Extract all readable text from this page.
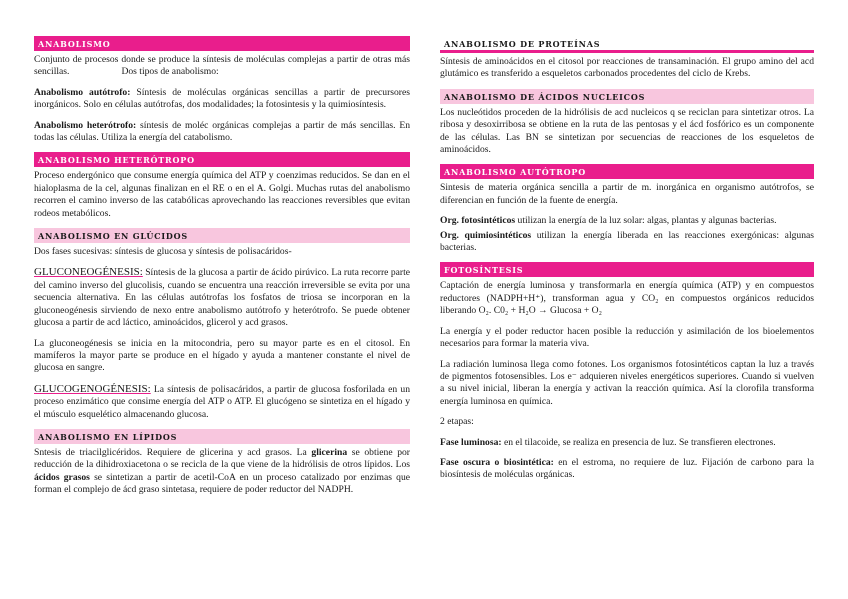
ANABOLISMO

Conjunto de procesos donde se produce la síntesis de moléculas complejas a partir de otras más sencillas.	Dos tipos de anabolismo:

Anabolismo autótrofo: Síntesis de moléculas orgánicas sencillas a partir de precursores inorgánicos. Solo en células autótrofas, dos modalidades; la fotosintesis y la quimiosíntesis.

Anabolismo heterótrofo: síntesis de moléc orgánicas complejas a partir de más sencillas. En todas las células. Utiliza la energía del catabolismo.

ANABOLISMO HETERÓTROPO

Proceso endergónico que consume energía química del ATP y coenzimas reducidos. Se dan en el hialoplasma de la cel, algunas finalizan en el RE o en el A. Golgi. Muchas rutas del anabolismo recorren el camino inverso de las catabólicas aprovechando las reacciones reversibles que evitan rodeos metabólicos.

ANABOLISMO EN GLÚCIDOS

Dos fases sucesivas: síntesis de glucosa y síntesis de polisacáridos-

GLUCONEOGÉNESIS: Síntesis de la glucosa a partir de ácido pirúvico. La ruta recorre parte del camino inverso del glucolisis, cuando se encuentra una reacción irreversible se evita por una secuencia alternativa. En las células autótrofas los fosfatos de triosa se incorporan en la gluconeogénesis sirviendo de nexo entre anabolismo autótrofo y heterótrofo. Se puede obtener glucosa a partir de acd láctico, aminoácidos, glicerol y acd grasos.

La gluconeogénesis se inicia en la mitocondria, pero su mayor parte es en el citosol. En mamíferos la mayor parte se produce en el hígado y ayuda a mantener constante el nivel de glucosa en sangre.

GLUCOGENOGÉNESIS: La síntesis de polisacáridos, a partir de glucosa fosforilada en un proceso enzimático que consime energía del ATP o ATP. El glucógeno se sintetiza en el hígado y el músculo esquelético almacenando glucosa.

ANABOLISMO EN LÍPIDOS

Sntesis de triacilglicéridos. Requiere de glicerina y acd grasos. La glicerina se obtiene por reducción de la dihidroxiacetona o se recicla de la que viene de la hidrólisis de otros lípidos. Los ácidos grasos se sintetizan a partir de acetil-CoA en un proceso catalizado por enzimas que forman el complejo de ácd graso sintetasa, requiere de poder reductor del NADPH.

ANABOLISMO DE PROTEÍNAS

Síntesis de aminoácidos en el citosol por reacciones de transaminación. El grupo amino del acd glutámico es transferido a esqueletos carbonados procedentes del ciclo de Krebs.

ANABOLISMO DE ÁCIDOS NUCLEICOS

Los nucleótidos proceden de la hidrólisis de acd nucleicos q se reciclan para sintetizar otros. La ribosa y desoxirribosa se obtiene en la ruta de las pentosas y el ácd fosfórico es un componente de las células. Las BN se sintetizan por secuencias de reacciones de los esqueletos de aminoácidos.

ANABOLISMO AUTÓTROPO

Sintesis de materia orgánica sencilla a partir de m. inorgánica en organismo autótrofos, se diferencian en función de la fuente de energía.

Org. fotosintéticos utilizan la energía de la luz solar: algas, plantas y algunas bacterias.

Org. quimiosintéticos utilizan la energía liberada en las reacciones exergónicas: algunas bacterias.

FOTOSÍNTESIS

Captación de energía luminosa y transformarla en energía química (ATP) y en compuestos reductores (NADPH+H⁺), transforman agua y CO₂ en compuestos orgánicos reducidos liberando O₂. C0₂ + H₂O → Glucosa + O₂

La energía y el poder reductor hacen posible la reducción y asimilación de los bioelementos necesarios para formar la materia viva.

La radiación luminosa llega como fotones. Los organismos fotosintéticos captan la luz a través de pigmentos fotosensibles. Los e⁻ adquieren niveles energéticos superiores. Cuando si vuelven a su nivel inicial, liberan la energía y activan la reacción química. Así la clorofila transforma energía luminosa en química.

2 etapas:

Fase luminosa: en el tilacoide, se realiza en presencia de luz. Se transfieren electrones.

Fase oscura o biosintética: en el estroma, no requiere de luz. Fijación de carbono para la biosíntesis de moléculas orgánicas.
